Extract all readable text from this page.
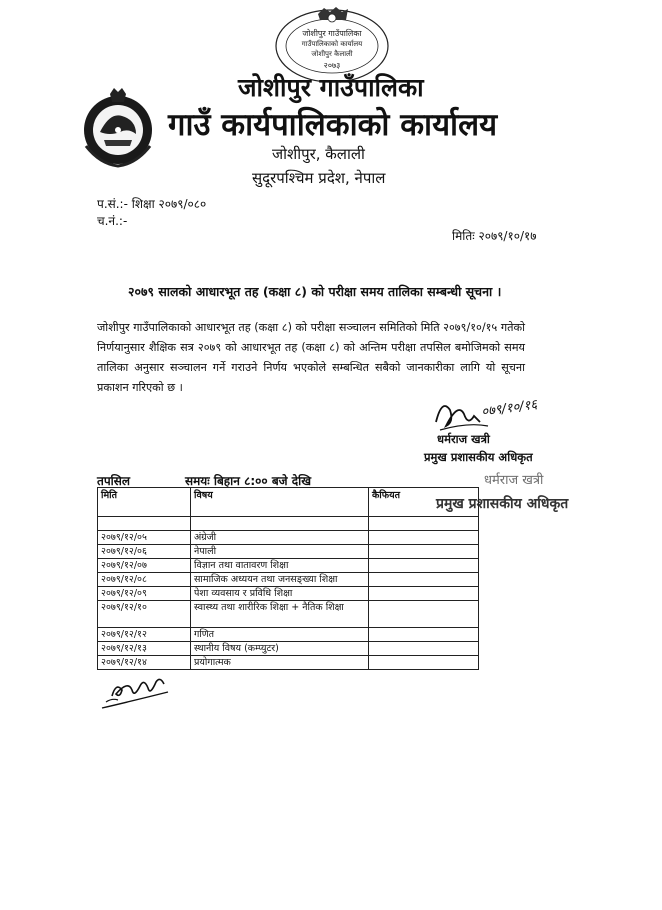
जोशीपुर गाउँपालिका
गाउँपालिकाको कार्यालय
जोशीपुर कैलाली
२०७३
जोशीपुर गाउँपालिका
गाउँ कार्यपालिकाको कार्यालय
जोशीपुर, कैलाली
सुदूरपश्चिम प्रदेश, नेपाल
प.सं.:- शिक्षा २०७९/०८०
च.नं.:-
मितिः २०७९/१०/१७
२०७९ सालको आधारभूत तह (कक्षा ८) को परीक्षा समय तालिका सम्बन्धी सूचना ।
जोशीपुर गाउँपालिकाको आधारभूत तह (कक्षा ८) को परीक्षा सञ्चालन समितिको मिति २०७९/१०/१५ गतेको निर्णयानुसार शैक्षिक सत्र २०७९ को आधारभूत तह (कक्षा ८) को अन्तिम परीक्षा तपसिल बमोजिमको समय तालिका अनुसार सञ्चालन गर्ने गराउने निर्णय भएकोले सम्बन्धित सबैको जानकारीका लागि यो सूचना प्रकाशन गरिएको छ ।
०७९/१०/१६
धर्मराज खत्री
प्रमुख प्रशासकीय अधिकृत
धर्मराज खत्री
प्रमुख प्रशासकीय अधिकृत
तपसिल	समयः बिहान ८:०० बजे देखि
मिति	विषय	कैफियत

२०७९/१२/०५	अंग्रेजी	
२०७९/१२/०६	नेपाली	
२०७९/१२/०७	विज्ञान तथा वातावरण शिक्षा	
२०७९/१२/०८	सामाजिक अध्ययन तथा जनसङ्ख्या शिक्षा	
२०७९/१२/०९	पेशा व्यवसाय र प्रविधि शिक्षा	
२०७९/१२/१०	स्वास्थ्य तथा शारीरिक शिक्षा + नैतिक शिक्षा	
२०७९/१२/१२	गणित	
२०७९/१२/१३	स्थानीय विषय (कम्प्युटर)	
२०७९/१२/१४	प्रयोगात्मक	
